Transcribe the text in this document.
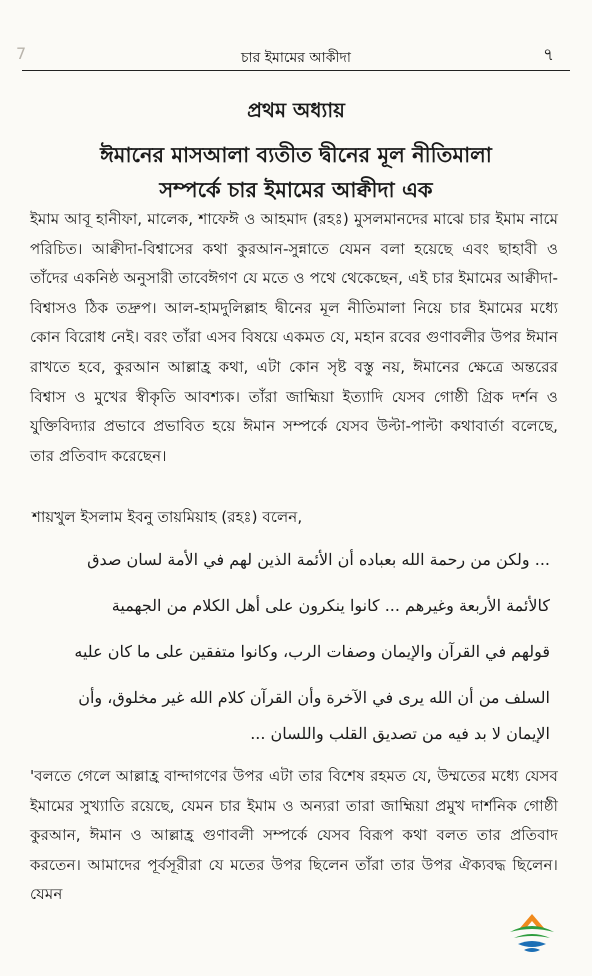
7	চার ইমামের আকীদা	৭
প্রথম অধ্যায়
ঈমানের মাসআলা ব্যতীত দ্বীনের মূল নীতিমালা
সম্পর্কে চার ইমামের আক্বীদা এক
ইমাম আবূ হানীফা, মালেক, শাফেঈ ও আহমাদ (রহঃ) মুসলমানদের মাঝে চার ইমাম নামে পরিচিত। আক্বীদা-বিশ্বাসের কথা কুরআন-সুন্নাতে যেমন বলা হয়েছে এবং ছাহাবী ও তাঁদের একনিষ্ঠ অনুসারী তাবেঈগণ যে মতে ও পথে থেকেছেন, এই চার ইমামের আক্বীদা-বিশ্বাসও ঠিক তদ্রুপ। আল-হামদুলিল্লাহ দ্বীনের মূল নীতিমালা নিয়ে চার ইমামের মধ্যে কোন বিরোধ নেই। বরং তাঁরা এসব বিষয়ে একমত যে, মহান রবের গুণাবলীর উপর ঈমান রাখতে হবে, কুরআন আল্লাহ্র কথা, এটা কোন সৃষ্ট বস্তু নয়, ঈমানের ক্ষেত্রে অন্তরের বিশ্বাস ও মুখের স্বীকৃতি আবশ্যক। তাঁরা জাহ্মিয়া ইত্যাদি যেসব গোষ্ঠী গ্রিক দর্শন ও যুক্তিবিদ্যার প্রভাবে প্রভাবিত হয়ে ঈমান সম্পর্কে যেসব উল্টা-পাল্টা কথাবার্তা বলেছে, তার প্রতিবাদ করেছেন।
শায়খুল ইসলাম ইবনু তায়মিয়াহ (রহঃ) বলেন,
... ولكن من رحمة الله بعباده أن الأئمة الذين لهم في الأمة لسان صدق
كالأئمة الأربعة وغيرهم ... كانوا ينكرون على أهل الكلام من الجهمية
قولهم في القرآن والإيمان وصفات الرب، وكانوا متفقين على ما كان عليه
السلف من أن الله يرى في الآخرة وأن القرآن كلام الله غير مخلوق، وأن
الإيمان لا بد فيه من تصديق القلب واللسان ...
'বলতে গেলে আল্লাহ্র বান্দাগণের উপর এটা তার বিশেষ রহমত যে, উম্মতের মধ্যে যেসব ইমামের সুখ্যাতি রয়েছে, যেমন চার ইমাম ও অন্যরা তারা জাহ্মিয়া প্রমুখ দার্শনিক গোষ্ঠী কুরআন, ঈমান ও আল্লাহ্র গুণাবলী সম্পর্কে যেসব বিরূপ কথা বলত তার প্রতিবাদ করতেন। আমাদের পূর্বসূরীরা যে মতের উপর ছিলেন তাঁরা তার উপর ঐক্যবদ্ধ ছিলেন। যেমন
